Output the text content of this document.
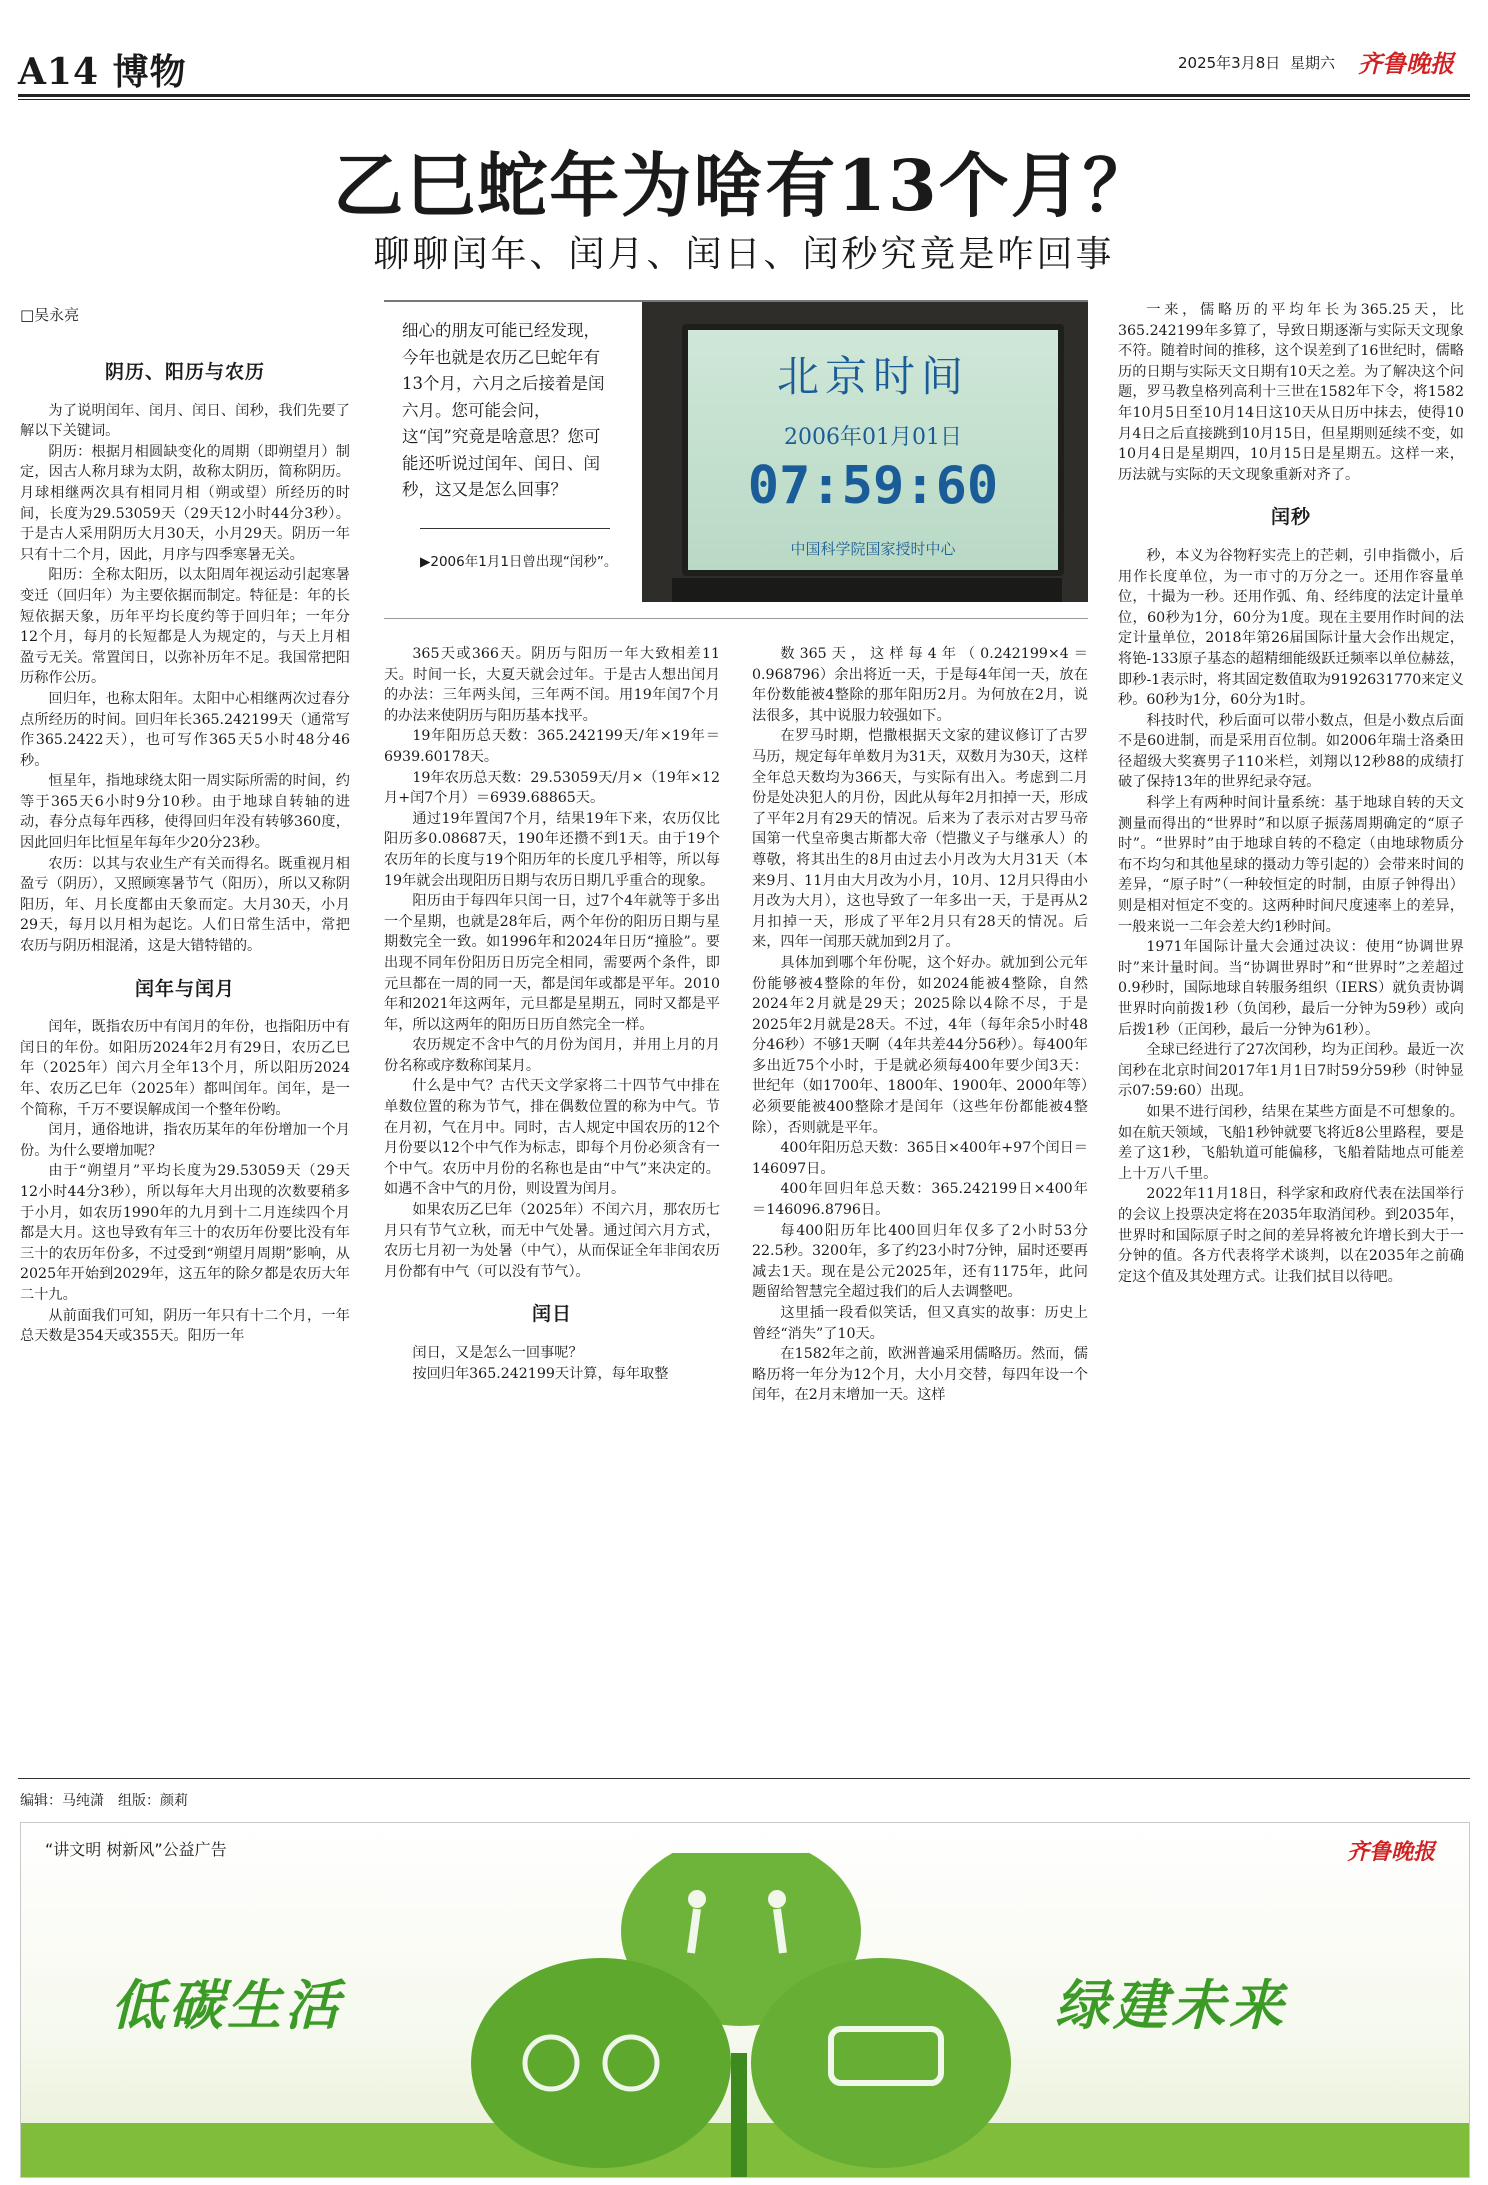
A14 博物	2025年3月8日 星期六 齐鲁晚报
乙巳蛇年为啥有13个月？
聊聊闰年、闰月、闰日、闰秒究竟是咋回事
□吴永亮
细心的朋友可能已经发现，今年也就是农历乙巳蛇年有13个月，六月之后接着是闰六月。您可能会问，这“闰”究竟是啥意思？您可能还听说过闰年、闰日、闰秒，这又是怎么回事？
▶2006年1月1日曾出现“闰秒”。
北京时间
2006年01月01日
07:59:60
中国科学院国家授时中心
阴历、阳历与农历

为了说明闰年、闰月、闰日、闰秒，我们先要了解以下关键词。

阴历：根据月相圆缺变化的周期（即朔望月）制定，因古人称月球为太阴，故称太阴历，简称阴历。月球相继两次具有相同月相（朔或望）所经历的时间，长度为29.53059天（29天12小时44分3秒）。于是古人采用阴历大月30天，小月29天。阴历一年只有十二个月，因此，月序与四季寒暑无关。

阳历：全称太阳历，以太阳周年视运动引起寒暑变迁（回归年）为主要依据而制定。特征是：年的长短依据天象，历年平均长度约等于回归年；一年分12个月，每月的长短都是人为规定的，与天上月相盈亏无关。常置闰日，以弥补历年不足。我国常把阳历称作公历。

回归年，也称太阳年。太阳中心相继两次过春分点所经历的时间。回归年长365.242199天（通常写作365.2422天），也可写作365天5小时48分46秒。

恒星年，指地球绕太阳一周实际所需的时间，约等于365天6小时9分10秒。由于地球自转轴的进动，春分点每年西移，使得回归年没有转够360度，因此回归年比恒星年每年少20分23秒。

农历：以其与农业生产有关而得名。既重视月相盈亏（阴历），又照顾寒暑节气（阳历），所以又称阴阳历，年、月长度都由天象而定。大月30天，小月29天，每月以月相为起讫。人们日常生活中，常把农历与阴历相混淆，这是大错特错的。

闰年与闰月

闰年，既指农历中有闰月的年份，也指阳历中有闰日的年份。如阳历2024年2月有29日，农历乙巳年（2025年）闰六月全年13个月，所以阳历2024年、农历乙巳年（2025年）都叫闰年。闰年，是一个简称，千万不要误解成闰一个整年份哟。

闰月，通俗地讲，指农历某年的年份增加一个月份。为什么要增加呢？

由于“朔望月”平均长度为29.53059天（29天12小时44分3秒），所以每年大月出现的次数要稍多于小月，如农历1990年的九月到十二月连续四个月都是大月。这也导致有年三十的农历年份要比没有年三十的农历年份多，不过受到“朔望月周期”影响，从2025年开始到2029年，这五年的除夕都是农历大年二十九。

从前面我们可知，阴历一年只有十二个月，一年总天数是354天或355天。阳历一年

365天或366天。阴历与阳历一年大致相差11天。时间一长，大夏天就会过年。于是古人想出闰月的办法：三年两头闰，三年两不闰。用19年闰7个月的办法来使阴历与阳历基本找平。

19年阳历总天数：365.242199天/年×19年＝6939.60178天。

19年农历总天数：29.53059天/月×（19年×12月+闰7个月）＝6939.68865天。

通过19年置闰7个月，结果19年下来，农历仅比阳历多0.08687天，190年还攒不到1天。由于19个农历年的长度与19个阳历年的长度几乎相等，所以每19年就会出现阳历日期与农历日期几乎重合的现象。

阳历由于每四年只闰一日，过7个4年就等于多出一个星期，也就是28年后，两个年份的阳历日期与星期数完全一致。如1996年和2024年日历“撞脸”。要出现不同年份阳历日历完全相同，需要两个条件，即元旦都在一周的同一天，都是闰年或都是平年。2010年和2021年这两年，元旦都是星期五，同时又都是平年，所以这两年的阳历日历自然完全一样。

农历规定不含中气的月份为闰月，并用上月的月份名称或序数称闰某月。

什么是中气？古代天文学家将二十四节气中排在单数位置的称为节气，排在偶数位置的称为中气。节在月初，气在月中。同时，古人规定中国农历的12个月份要以12个中气作为标志，即每个月份必须含有一个中气。农历中月份的名称也是由“中气”来决定的。如遇不含中气的月份，则设置为闰月。

如果农历乙巳年（2025年）不闰六月，那农历七月只有节气立秋，而无中气处暑。通过闰六月方式，农历七月初一为处暑（中气），从而保证全年非闰农历月份都有中气（可以没有节气）。

闰日

闰日，又是怎么一回事呢？

按回归年365.242199天计算，每年取整

数365天，这样每4年（0.242199×4＝0.968796）余出将近一天，于是每4年闰一天，放在年份数能被4整除的那年阳历2月。为何放在2月，说法很多，其中说服力较强如下。

在罗马时期，恺撒根据天文家的建议修订了古罗马历，规定每年单数月为31天，双数月为30天，这样全年总天数均为366天，与实际有出入。考虑到二月份是处决犯人的月份，因此从每年2月扣掉一天，形成了平年2月有29天的情况。后来为了表示对古罗马帝国第一代皇帝奥古斯都大帝（恺撒义子与继承人）的尊敬，将其出生的8月由过去小月改为大月31天（本来9月、11月由大月改为小月，10月、12月只得由小月改为大月），这也导致了一年多出一天，于是再从2月扣掉一天，形成了平年2月只有28天的情况。后来，四年一闰那天就加到2月了。

具体加到哪个年份呢，这个好办。就加到公元年份能够被4整除的年份，如2024能被4整除，自然2024年2月就是29天；2025除以4除不尽，于是2025年2月就是28天。不过，4年（每年余5小时48分46秒）不够1天啊（4年共差44分56秒）。每400年多出近75个小时，于是就必须每400年要少闰3天：世纪年（如1700年、1800年、1900年、2000年等）必须要能被400整除才是闰年（这些年份都能被4整除），否则就是平年。

400年阳历总天数：365日×400年+97个闰日＝146097日。

400年回归年总天数：365.242199日×400年＝146096.8796日。

每400阳历年比400回归年仅多了2小时53分22.5秒。3200年，多了约23小时7分钟，届时还要再减去1天。现在是公元2025年，还有1175年，此问题留给智慧完全超过我们的后人去调整吧。

这里插一段看似笑话，但又真实的故事：历史上曾经“消失”了10天。

在1582年之前，欧洲普遍采用儒略历。然而，儒略历将一年分为12个月，大小月交替，每四年设一个闰年，在2月末增加一天。这样

一来，儒略历的平均年长为365.25天，比365.242199年多算了，导致日期逐渐与实际天文现象不符。随着时间的推移，这个误差到了16世纪时，儒略历的日期与实际天文日期有10天之差。为了解决这个问题，罗马教皇格列高利十三世在1582年下令，将1582年10月5日至10月14日这10天从日历中抹去，使得10月4日之后直接跳到10月15日，但星期则延续不变，如10月4日是星期四，10月15日是星期五。这样一来，历法就与实际的天文现象重新对齐了。

闰秒

秒，本义为谷物籽实壳上的芒刺，引申指微小，后用作长度单位，为一市寸的万分之一。还用作容量单位，十撮为一秒。还用作弧、角、经纬度的法定计量单位，60秒为1分，60分为1度。现在主要用作时间的法定计量单位，2018年第26届国际计量大会作出规定，将铯-133原子基态的超精细能级跃迁频率以单位赫兹，即秒-1表示时，将其固定数值取为9192631770来定义秒。60秒为1分，60分为1时。

科技时代，秒后面可以带小数点，但是小数点后面不是60进制，而是采用百位制。如2006年瑞士洛桑田径超级大奖赛男子110米栏，刘翔以12秒88的成绩打破了保持13年的世界纪录夺冠。

科学上有两种时间计量系统：基于地球自转的天文测量而得出的“世界时”和以原子振荡周期确定的“原子时”。“世界时”由于地球自转的不稳定（由地球物质分布不均匀和其他星球的摄动力等引起的）会带来时间的差异，“原子时”（一种较恒定的时制，由原子钟得出）则是相对恒定不变的。这两种时间尺度速率上的差异，一般来说一二年会差大约1秒时间。

1971年国际计量大会通过决议：使用“协调世界时”来计量时间。当“协调世界时”和“世界时”之差超过0.9秒时，国际地球自转服务组织（IERS）就负责协调世界时向前拨1秒（负闰秒，最后一分钟为59秒）或向后拨1秒（正闰秒，最后一分钟为61秒）。

全球已经进行了27次闰秒，均为正闰秒。最近一次闰秒在北京时间2017年1月1日7时59分59秒（时钟显示07:59:60）出现。

如果不进行闰秒，结果在某些方面是不可想象的。如在航天领域，飞船1秒钟就要飞将近8公里路程，要是差了这1秒，飞船轨道可能偏移，飞船着陆地点可能差上十万八千里。

2022年11月18日，科学家和政府代表在法国举行的会议上投票决定将在2035年取消闰秒。到2035年，世界时和国际原子时之间的差异将被允许增长到大于一分钟的值。各方代表将学术谈判，以在2035年之前确定这个值及其处理方式。让我们拭目以待吧。

编辑：马纯潇　组版：颜莉
“讲文明 树新风”公益广告	齐鲁晚报
低碳生活	绿建未来
